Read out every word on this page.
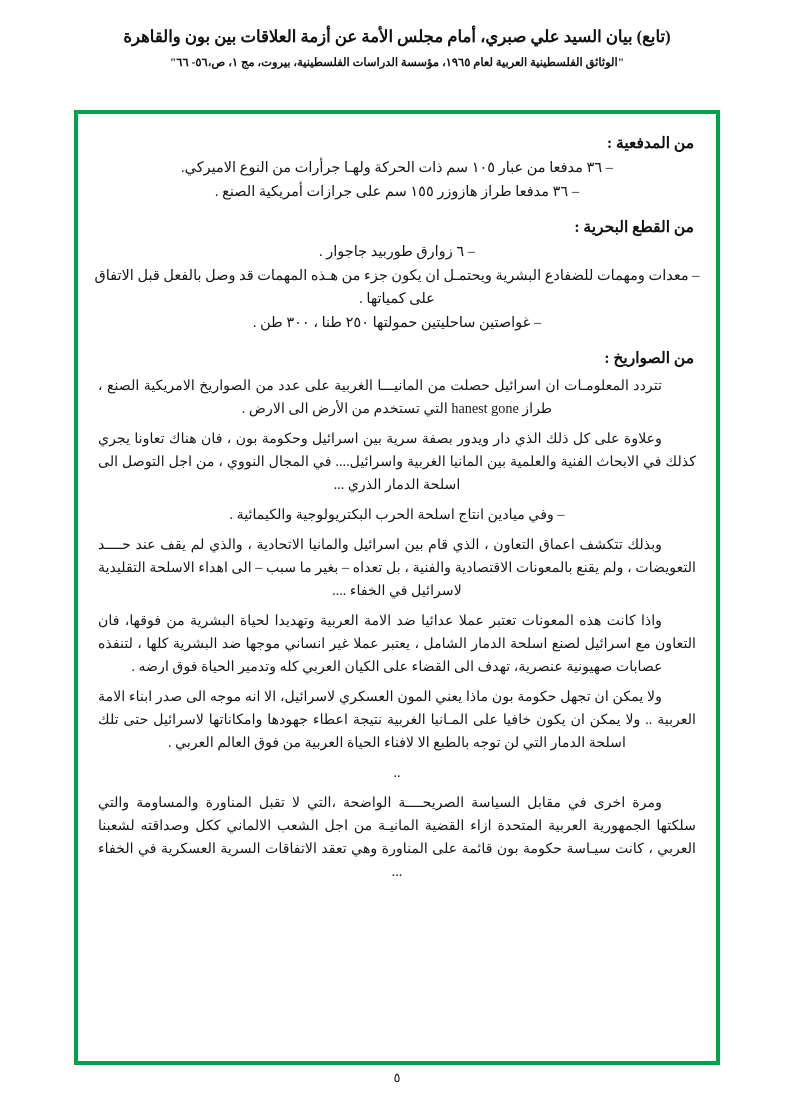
(تابع) بيان السيد علي صبري، أمام مجلس الأمة عن أزمة العلاقات بين بون والقاهرة
"الوثائق الفلسطينية العربية لعام ١٩٦٥، مؤسسة الدراسات الفلسطينية، بيروت، مج ١، ص،٥٦- ٦٦"
من المدفعية :
– ٣٦ مدفعا من عبار ١٠٥ سم ذات الحركة ولهـا جرأرات من النوع الاميركي.
– ٣٦ مدفعا طراز هازوزر ١٥٥ سم على جرازات أمريكية الصنع .
من القطع البحرية :
– ٦ زوارق طوربيد جاجوار .
– معدات ومهمات للضفادع البشرية ويحتمـل ان يكون جزء من هـذه المهمات قد وصل بالفعل قبل الاتفاق على كمياتها .
– غواصتين ساحليتين حمولتها ٢٥٠ طنا ، ٣٠٠ طن .
من الصواريخ :
تتردد المعلومـات ان اسرائيل حصلت من المانيـــا الغربية على عدد من الصواريخ الامريكية الصنع ، طراز hanest gone التي تستخدم من الأرض الى الارض .
وعلاوة على كل ذلك الذي دار ويدور بصفة سرية بين اسرائيل وحكومة بون ، فان هناك تعاونا يجري كذلك في الابحاث الفنية والعلمية بين المانيا الغربية واسرائيل.... في المجال النووي ، من اجل التوصل الى اسلحة الدمار الذري ...
– وفي ميادين انتاج اسلحة الحرب البكتريولوجية والكيمائية .
وبذلك تتكشف اعماق التعاون ، الذي قام بين اسرائيل والمانيا الاتحادية ، والذي لم يقف عند حــــد التعويضات ، ولم يقنع بالمعونات الاقتصادية والفنية ، بل تعداه – بغير ما سبب – الى اهداء الاسلحة التقليدية لاسرائيل في الخفاء ....
واذا كانت هذه المعونات تعتبر عملا عدائيا ضد الامة العربية وتهديدا لحياة البشرية من فوقها، فان التعاون مع اسرائيل لصنع اسلحة الدمار الشامل ، يعتبر عملا غير انساني موجها ضد البشرية كلها ، لتنفذه عصابات صهيونية عنصرية، تهدف الى القضاء على الكيان العربي كله وتدمير الحياة فوق ارضه .
ولا يمكن ان تجهل حكومة بون ماذا يعني المون العسكري لاسرائيل، الا انه موجه الى صدر ابناء الامة العربية .. ولا يمكن ان يكون خافيا على المـانيا الغربية نتيجة اعطاء جهودها وامكاناتها لاسرائيل حتى تلك اسلحة الدمار التي لن توجه بالطبع الا لافناء الحياة العربية من فوق العالم العربي .
..
ومرة اخرى في مقابل السياسة الصريحــــة الواضحة ،التي لا تقبل المناورة والمساومة والتي سلكتها الجمهورية العربية المتحدة ازاء القضية المانيـة من اجل الشعب الالماني ككل وصداقته لشعبنا العربي ، كانت سيـاسة حكومة بون قائمة على المناورة وهي تعقد الاتفاقات السرية العسكرية في الخفاء ...
٥
